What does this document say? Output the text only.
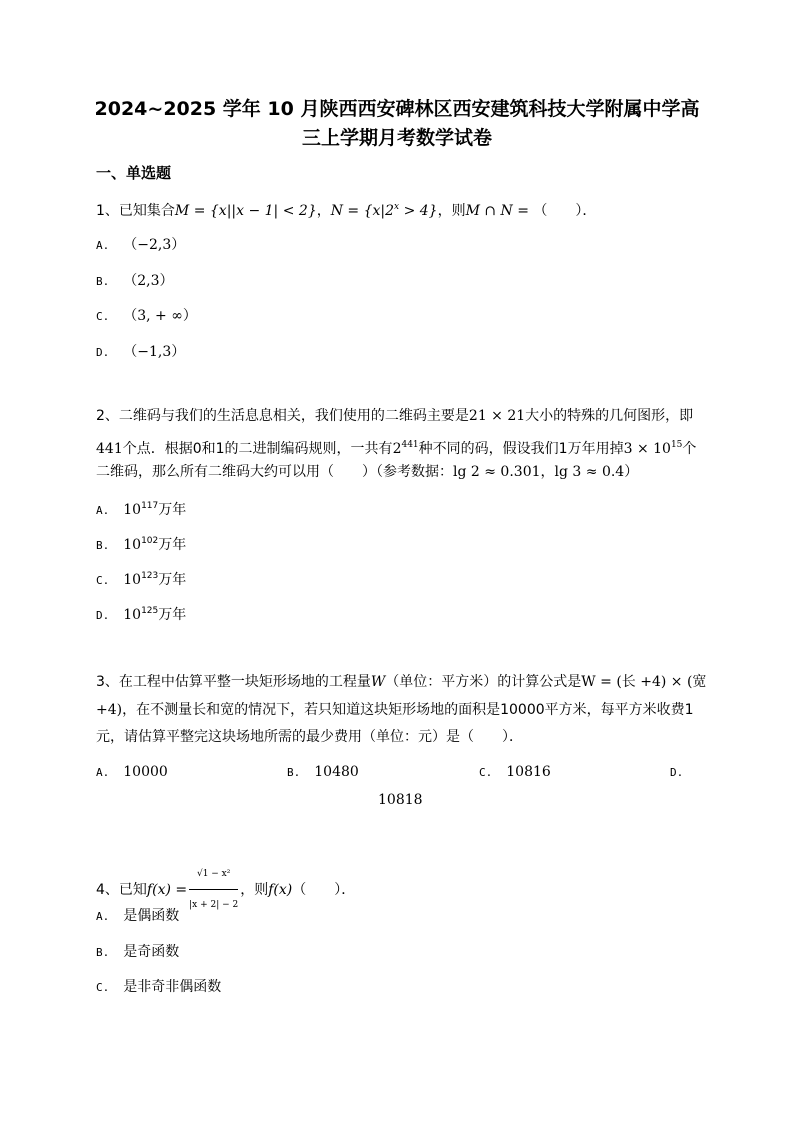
2024~2025 学年 10 月陕西西安碑林区西安建筑科技大学附属中学高
三上学期月考数学试卷
一、单选题
1、已知集合M = {x||x − 1| < 2}，$N = \{x|2^x > 4\}$，则M ∩ N = （　　）．
A. （−2,3）
B. （2,3）
C. （3, + ∞）
D. （−1,3）
2、二维码与我们的生活息息相关，我们使用的二维码主要是21 × 21大小的特殊的几何图形，即
441个点．根据0和1的二进制编码规则，一共有$2^{441}$种不同的码，假设我们1万年用掉$3 \times 10^{15}$个
二维码，那么所有二维码大约可以用（　　）（参考数据：lg 2 ≈ 0.301，lg 3 ≈ 0.4）
A. $10^{117}$万年
B. $10^{102}$万年
C. $10^{123}$万年
D. $10^{125}$万年
3、在工程中估算平整一块矩形场地的工程量W（单位：平方米）的计算公式是W = (长 +4) × (宽
+4)，在不测量长和宽的情况下，若只知道这块矩形场地的面积是10000平方米，每平方米收费1
元，请估算平整完这块场地所需的最少费用（单位：元）是（　　）．
A. 10000	B. 10480	C. 10816	D.
10818
4、已知$f(x) = \frac{\text{√1 − x²}}{|x + 2| - 2}$ ，则f(x)（　　）．
A. 是偶函数
B. 是奇函数
C. 是非奇非偶函数
